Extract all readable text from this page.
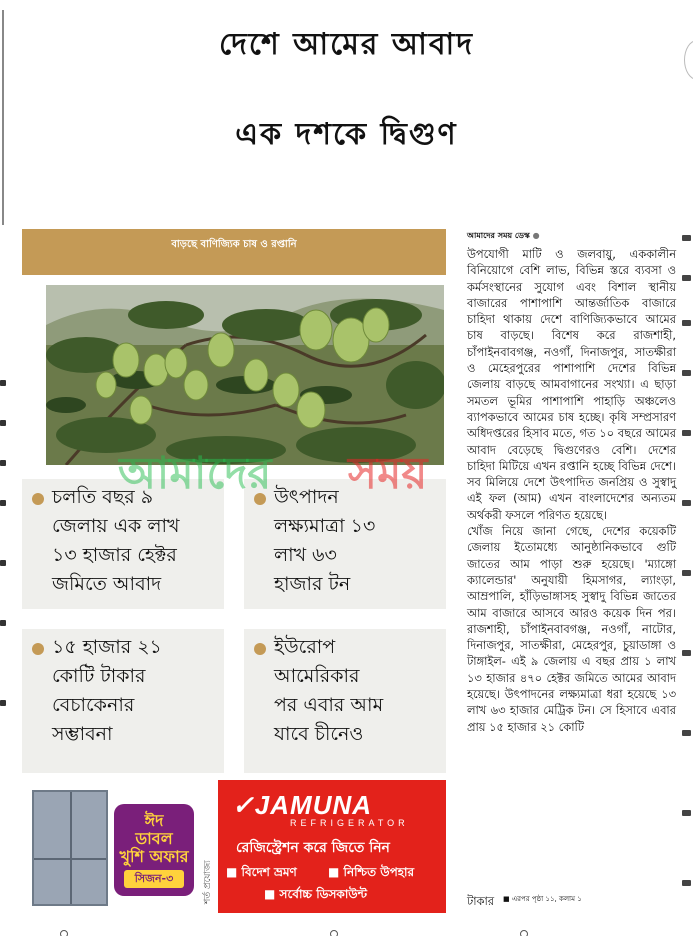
দেশে আমের আবাদ
এক দশকে দ্বিগুণ
বাড়ছে বাণিজ্যিক চাষ ও রপ্তানি
চলতি বছর ৯
জেলায় এক লাখ
১৩ হাজার হেক্টর
জমিতে আবাদ
উৎপাদন
লক্ষ্যমাত্রা ১৩
লাখ ৬৩
হাজার টন
১৫ হাজার ২১
কোটি টাকার
বেচাকেনার
সম্ভাবনা
ইউরোপ
আমেরিকার
পর এবার আম
যাবে চীনেও
ঈদ
ডাবল
খুশি অফার
সিজন-৩	শর্ত প্রযোজ্য
✓JAMUNA
REFRIGERATOR
রেজিস্ট্রেশন করে জিতে নিন
■ বিদেশ ভ্রমণ
■	নিশ্চিত উপহার
■ সর্বোচ্চ ডিসকাউন্ট
আমাদের সময়
আমাদের সময় ডেস্ক ●
উপযোগী মাটি ও জলবায়ু, এককালীন বিনিয়োগে বেশি লাভ, বিভিন্ন স্তরে ব্যবসা ও কর্মসংস্থানের সুযোগ এবং বিশাল স্থানীয় বাজারের পাশাপাশি আন্তর্জাতিক বাজারে চাহিদা থাকায় দেশে বাণিজ্যিকভাবে আমের চাষ বাড়ছে। বিশেষ করে রাজশাহী, চাঁপাইনবাবগঞ্জ, নওগাঁ, দিনাজপুর, সাতক্ষীরা ও মেহেরপুরের পাশাপাশি দেশের বিভিন্ন জেলায় বাড়ছে আমবাগানের সংখ্যা। এ ছাড়া সমতল ভূমির পাশাপাশি পাহাড়ি অঞ্চলেও ব্যাপকভাবে আমের চাষ হচ্ছে। কৃষি সম্প্রসারণ অধিদপ্তরের হিসাব মতে, গত ১০ বছরে আমের আবাদ বেড়েছে দ্বিগুণেরও বেশি। দেশের চাহিদা মিটিয়ে এখন রপ্তানি হচ্ছে বিভিন্ন দেশে। সব মিলিয়ে দেশে উৎপাদিত জনপ্রিয় ও সুস্বাদু এই ফল (আম) এখন বাংলাদেশের অন্যতম অর্থকরী ফসলে পরিণত হয়েছে।
খোঁজ নিয়ে জানা গেছে, দেশের কয়েকটি জেলায় ইতোমধ্যে আনুষ্ঠানিকভাবে গুটি জাতের আম পাড়া শুরু হয়েছে। 'ম্যাঙ্গো ক্যালেন্ডার' অনুযায়ী হিমসাগর, ল্যাংড়া, আম্রপালি, হাঁড়িভাঙ্গাসহ সুস্বাদু বিভিন্ন জাতের আম বাজারে আসবে আরও কয়েক দিন পর। রাজশাহী, চাঁপাইনবাবগঞ্জ, নওগাঁ, নাটোর, দিনাজপুর, সাতক্ষীরা, মেহেরপুর, চুয়াডাঙ্গা ও টাঙ্গাইল- এই ৯ জেলায় এ বছর প্রায় ১ লাখ ১৩ হাজার ৪৭০ হেক্টর জমিতে আমের আবাদ হয়েছে। উৎপাদনের লক্ষ্যমাত্রা ধরা হয়েছে ১৩ লাখ ৬৩ হাজার মেট্রিক টন। সে হিসাবে এবার প্রায় ১৫ হাজার ২১ কোটি
টাকার ■ এরপর পৃষ্ঠা ১১, কলাম ১
